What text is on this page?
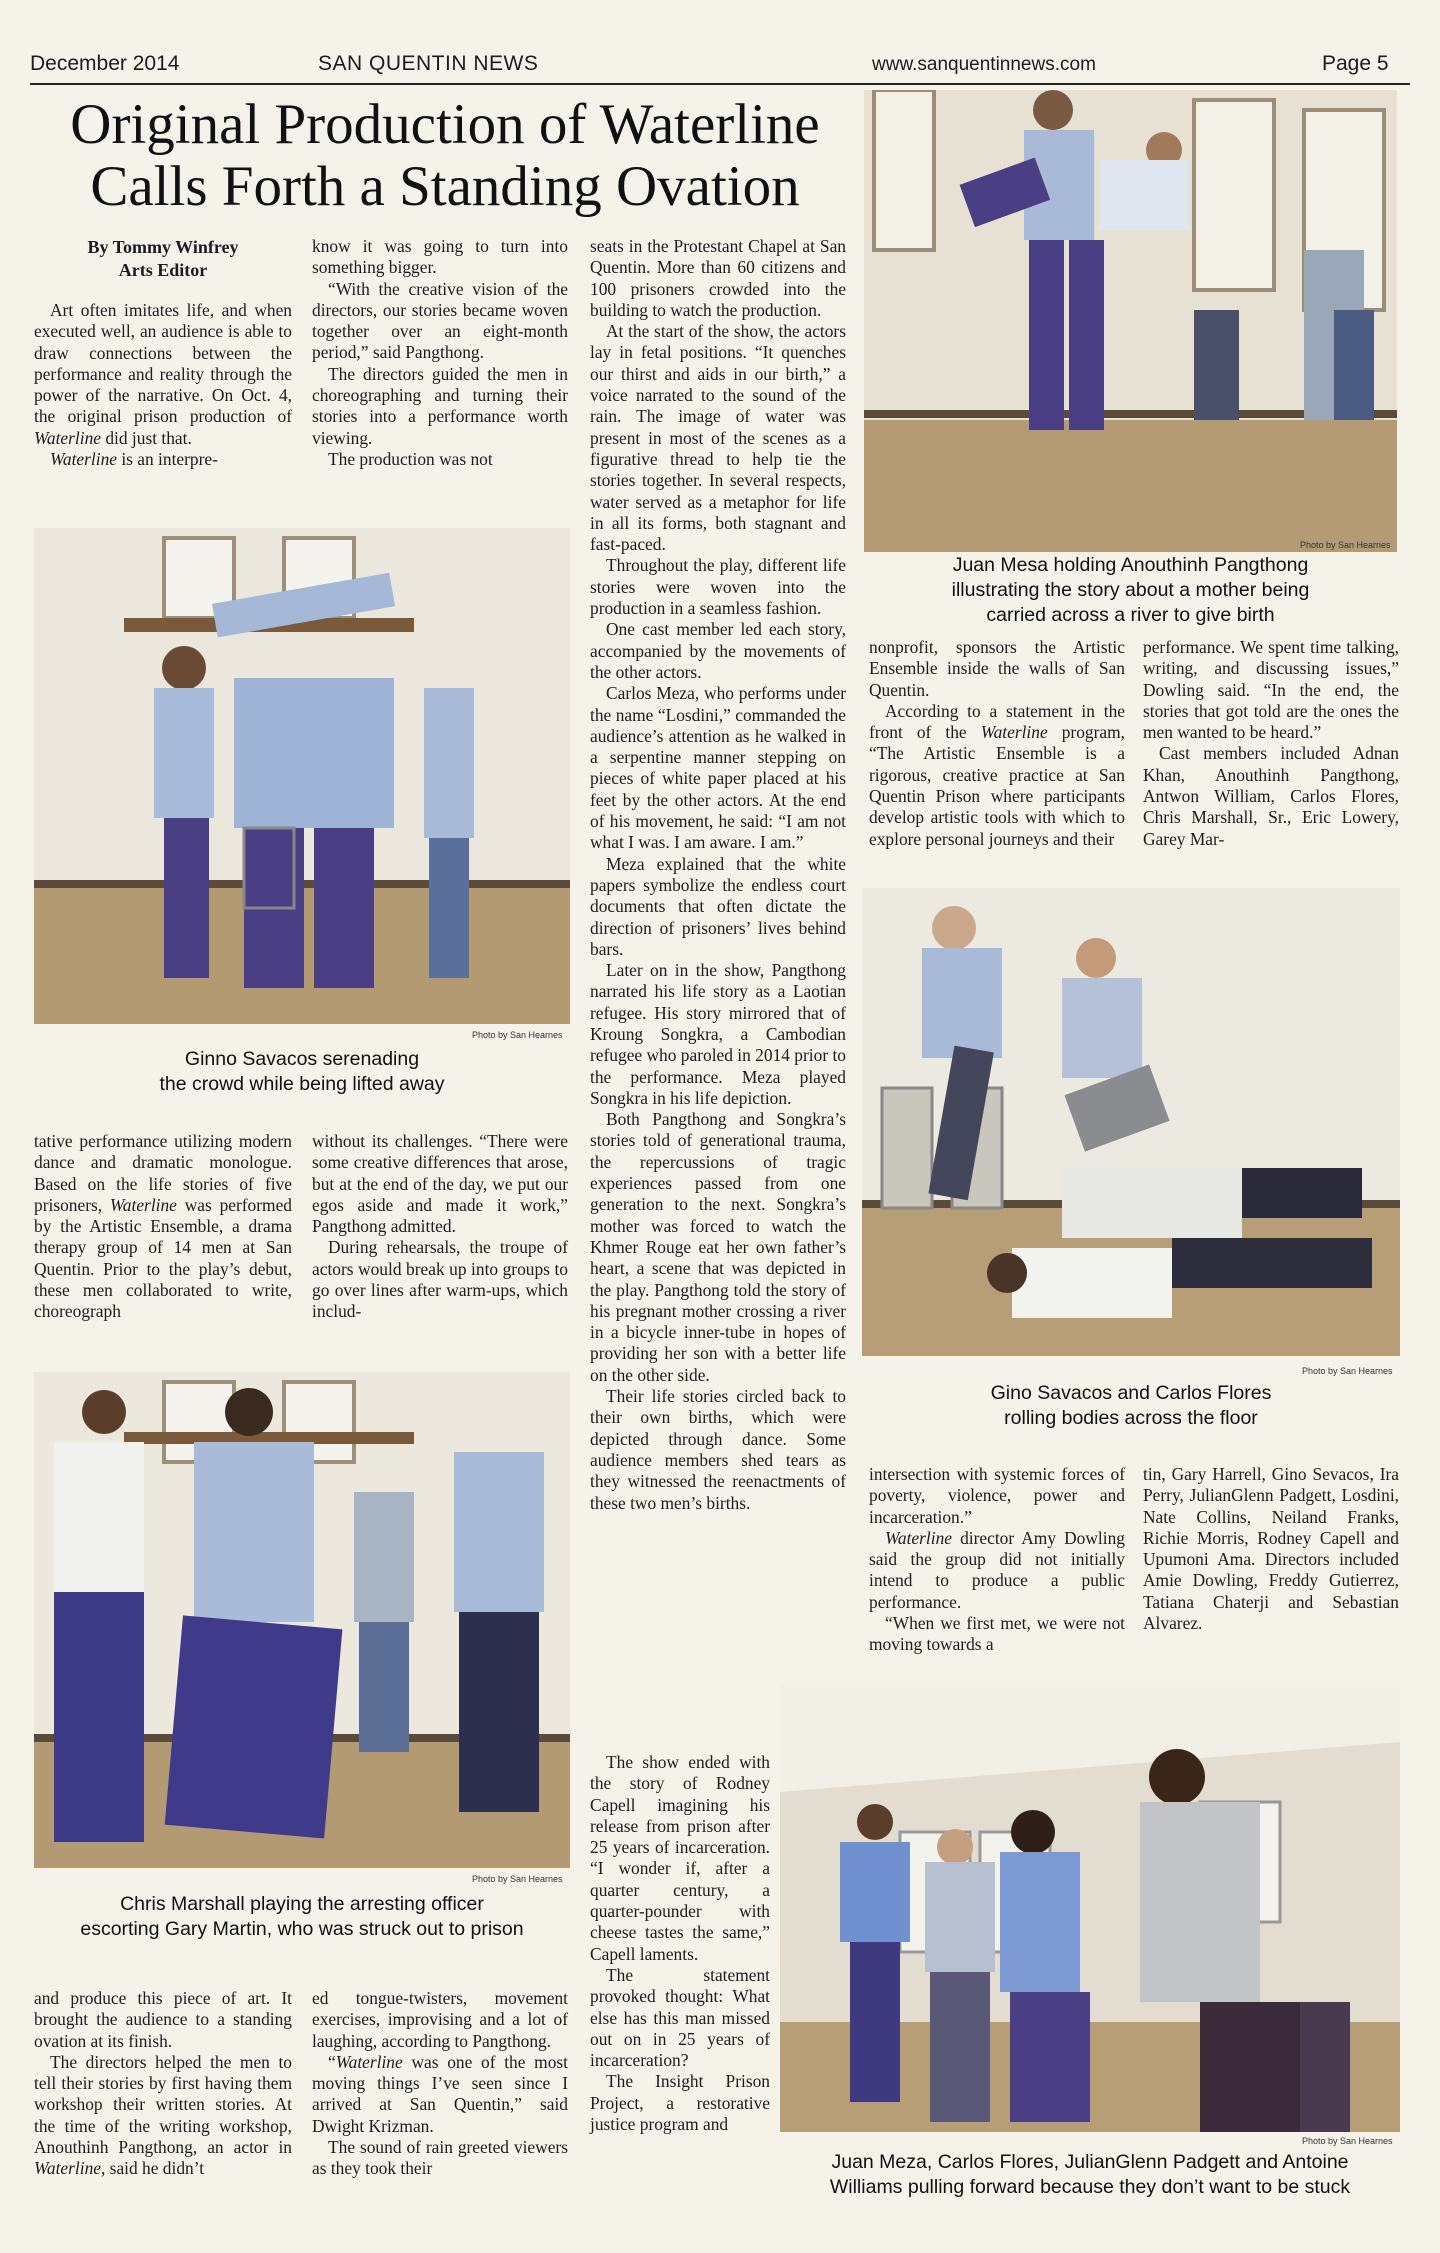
December 2014	SAN QUENTIN NEWS	www.sanquentinnews.com	Page 5
Original Production of Waterline
Calls Forth a Standing Ovation
By Tommy Winfrey
Arts Editor

Art often imitates life, and when executed well, an audience is able to draw connections between the performance and reality through the power of the narrative. On Oct. 4, the original prison production of Waterline did just that.

Waterline is an interpre-

know it was going to turn into something bigger.

“With the creative vision of the directors, our stories became woven together over an eight-month period,” said Pangthong.

The directors guided the men in choreographing and turning their stories into a performance worth viewing.

The production was not

seats in the Protestant Chapel at San Quentin. More than 60 citizens and 100 prisoners crowded into the building to watch the production.

At the start of the show, the actors lay in fetal positions. “It quenches our thirst and aids in our birth,” a voice narrated to the sound of the rain. The image of water was present in most of the scenes as a figurative thread to help tie the stories together. In several respects, water served as a metaphor for life in all its forms, both stagnant and fast-paced.

Throughout the play, different life stories were woven into the production in a seamless fashion.

One cast member led each story, accompanied by the movements of the other actors.

Carlos Meza, who performs under the name “Losdini,” commanded the audience’s attention as he walked in a serpentine manner stepping on pieces of white paper placed at his feet by the other actors. At the end of his movement, he said: “I am not what I was. I am aware. I am.”

Meza explained that the white papers symbolize the endless court documents that often dictate the direction of prisoners’ lives behind bars.

Later on in the show, Pangthong narrated his life story as a Laotian refugee. His story mirrored that of Kroung Songkra, a Cambodian refugee who paroled in 2014 prior to the performance. Meza played Songkra in his life depiction.

Both Pangthong and Songkra’s stories told of generational trauma, the repercussions of tragic experiences passed from one generation to the next. Songkra’s mother was forced to watch the Khmer Rouge eat her own father’s heart, a scene that was depicted in the play. Pangthong told the story of his pregnant mother crossing a river in a bicycle inner-tube in hopes of providing her son with a better life on the other side.

Their life stories circled back to their own births, which were depicted through dance. Some audience members shed tears as they witnessed the reenactments of these two men’s births.

The show ended with the story of Rodney Capell imagining his release from prison after 25 years of incarceration. “I wonder if, after a quarter century, a quarter-pounder with cheese tastes the same,” Capell laments.

The statement provoked thought: What else has this man missed out on in 25 years of incarceration?

The Insight Prison Project, a restorative justice program and

Photo by San Hearnes
Juan Mesa holding Anouthinh Pangthong
illustrating the story about a mother being
carried across a river to give birth

nonprofit, sponsors the Artistic Ensemble inside the walls of San Quentin.

According to a statement in the front of the Waterline program, “The Artistic Ensemble is a rigorous, creative practice at San Quentin Prison where participants develop artistic tools with which to explore personal journeys and their

performance. We spent time talking, writing, and discussing issues,” Dowling said. “In the end, the stories that got told are the ones the men wanted to be heard.”

Cast members included Adnan Khan, Anouthinh Pangthong, Antwon William, Carlos Flores, Chris Marshall, Sr., Eric Lowery, Garey Mar-

Photo by San Hearnes
Ginno Savacos serenading
the crowd while being lifted away

tative performance utilizing modern dance and dramatic monologue. Based on the life stories of five prisoners, Waterline was performed by the Artistic Ensemble, a drama therapy group of 14 men at San Quentin. Prior to the play’s debut, these men collaborated to write, choreograph

without its challenges. “There were some creative differences that arose, but at the end of the day, we put our egos aside and made it work,” Pangthong admitted.

During rehearsals, the troupe of actors would break up into groups to go over lines after warm-ups, which includ-

Photo by San Hearnes
Gino Savacos and Carlos Flores
rolling bodies across the floor

intersection with systemic forces of poverty, violence, power and incarceration.”

Waterline director Amy Dowling said the group did not initially intend to produce a public performance.

“When we first met, we were not moving towards a

tin, Gary Harrell, Gino Sevacos, Ira Perry, JulianGlenn Padgett, Losdini, Nate Collins, Neiland Franks, Richie Morris, Rodney Capell and Upumoni Ama. Directors included Amie Dowling, Freddy Gutierrez, Tatiana Chaterji and Sebastian Alvarez.

Photo by San Hearnes
Chris Marshall playing the arresting officer
escorting Gary Martin, who was struck out to prison

and produce this piece of art. It brought the audience to a standing ovation at its finish.

The directors helped the men to tell their stories by first having them workshop their written stories. At the time of the writing workshop, Anouthinh Pangthong, an actor in Waterline, said he didn’t

ed tongue-twisters, movement exercises, improvising and a lot of laughing, according to Pangthong.

“Waterline was one of the most moving things I’ve seen since I arrived at San Quentin,” said Dwight Krizman.

The sound of rain greeted viewers as they took their

Photo by San Hearnes
Juan Meza, Carlos Flores, JulianGlenn Padgett and Antoine
Williams pulling forward because they don’t want to be stuck
